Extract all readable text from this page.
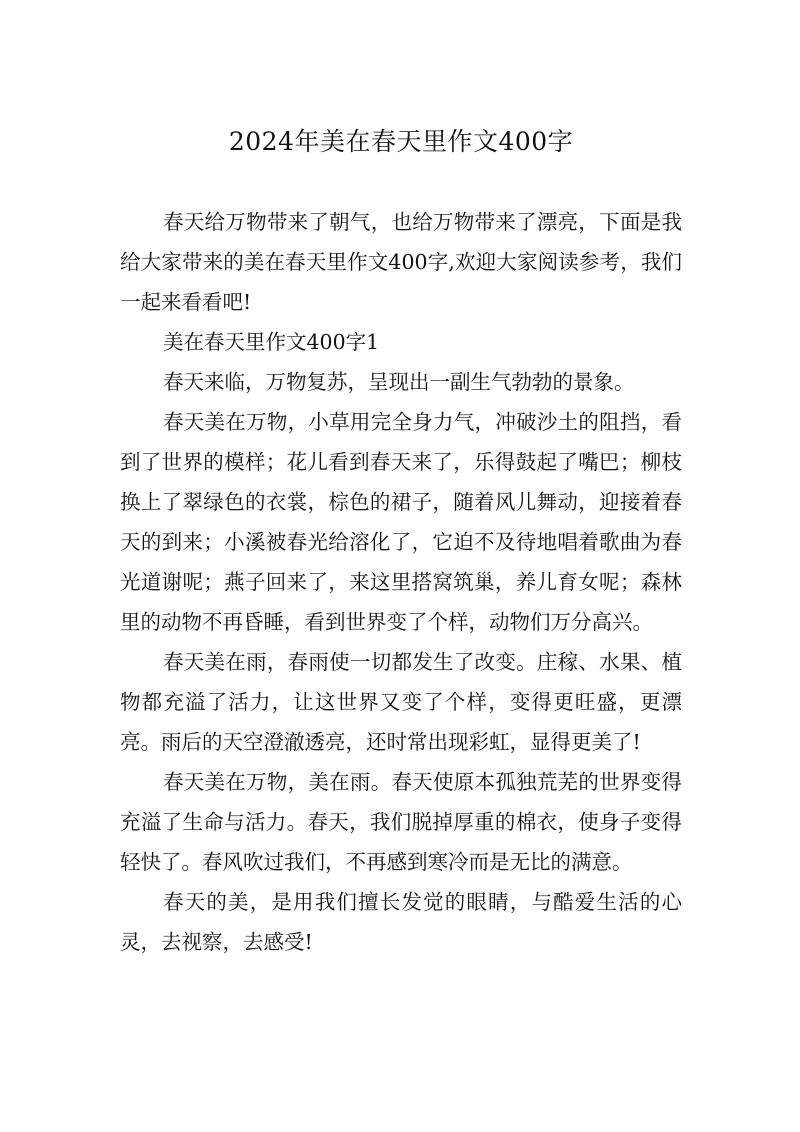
2024年美在春天里作文400字

春天给万物带来了朝气，也给万物带来了漂亮，下面是我给大家带来的美在春天里作文400字,欢迎大家阅读参考，我们一起来看看吧!

美在春天里作文400字1

春天来临，万物复苏，呈现出一副生气勃勃的景象。

春天美在万物，小草用完全身力气，冲破沙土的阻挡，看到了世界的模样；花儿看到春天来了，乐得鼓起了嘴巴；柳枝换上了翠绿色的衣裳，棕色的裙子，随着风儿舞动，迎接着春天的到来；小溪被春光给溶化了，它迫不及待地唱着歌曲为春光道谢呢；燕子回来了，来这里搭窝筑巢，养儿育女呢；森林里的动物不再昏睡，看到世界变了个样，动物们万分高兴。

春天美在雨，春雨使一切都发生了改变。庄稼、水果、植物都充溢了活力，让这世界又变了个样，变得更旺盛，更漂亮。雨后的天空澄澈透亮，还时常出现彩虹，显得更美了!

春天美在万物，美在雨。春天使原本孤独荒芜的世界变得充溢了生命与活力。春天，我们脱掉厚重的棉衣，使身子变得轻快了。春风吹过我们，不再感到寒冷而是无比的满意。

春天的美，是用我们擅长发觉的眼睛，与酷爱生活的心灵，去视察，去感受!
